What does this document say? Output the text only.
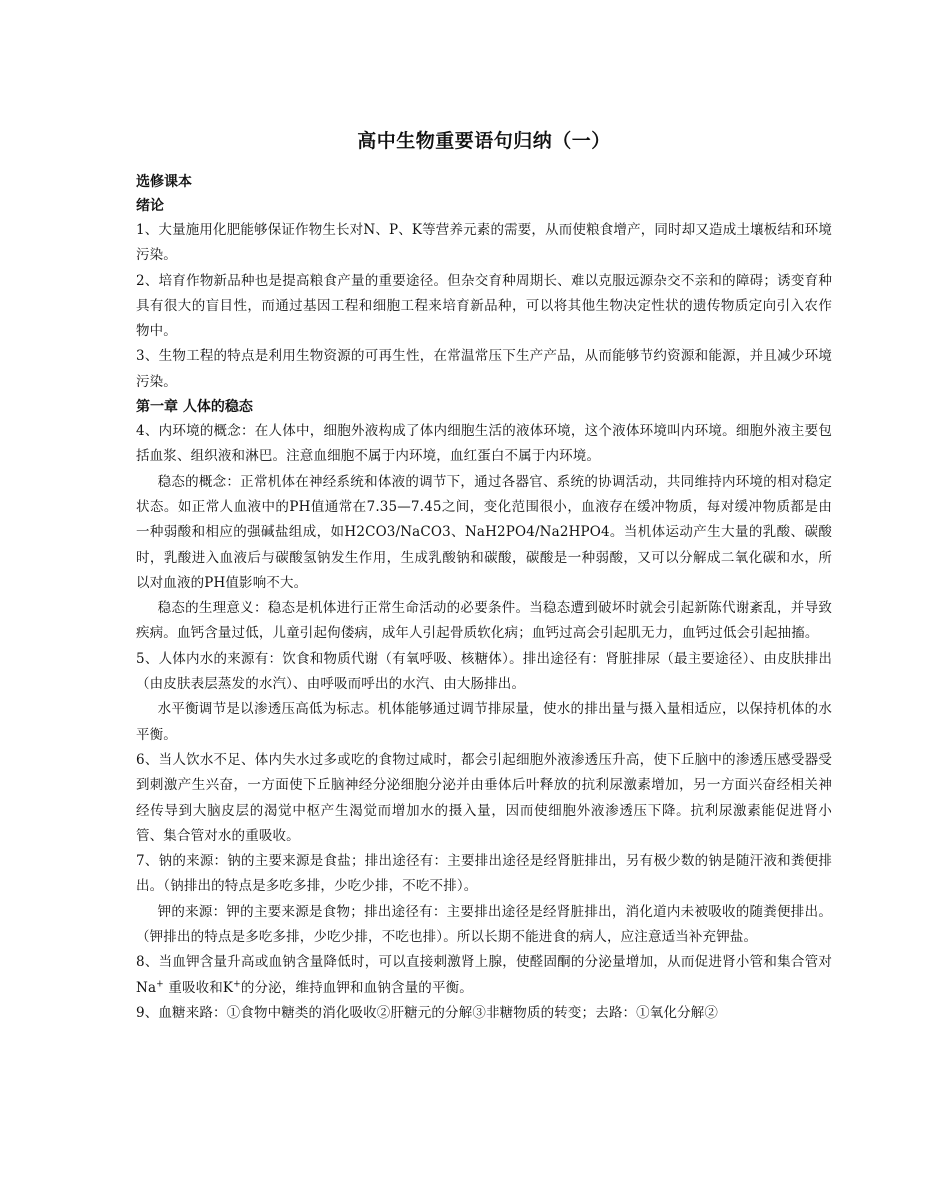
高中生物重要语句归纳（一）

选修课本

绪论

1、大量施用化肥能够保证作物生长对N、P、K等营养元素的需要，从而使粮食增产，同时却又造成土壤板结和环境污染。

2、培育作物新品种也是提高粮食产量的重要途径。但杂交育种周期长、难以克服远源杂交不亲和的障碍；诱变育种具有很大的盲目性，而通过基因工程和细胞工程来培育新品种，可以将其他生物决定性状的遗传物质定向引入农作物中。

3、生物工程的特点是利用生物资源的可再生性，在常温常压下生产产品，从而能够节约资源和能源，并且减少环境污染。

第一章 人体的稳态

4、内环境的概念：在人体中，细胞外液构成了体内细胞生活的液体环境，这个液体环境叫内环境。细胞外液主要包括血浆、组织液和淋巴。注意血细胞不属于内环境，血红蛋白不属于内环境。

稳态的概念：正常机体在神经系统和体液的调节下，通过各器官、系统的协调活动，共同维持内环境的相对稳定状态。如正常人血液中的PH值通常在7.35—7.45之间，变化范围很小，血液存在缓冲物质，每对缓冲物质都是由一种弱酸和相应的强碱盐组成，如H2CO3/NaCO3、NaH2PO4/Na2HPO4。当机体运动产生大量的乳酸、碳酸时，乳酸进入血液后与碳酸氢钠发生作用，生成乳酸钠和碳酸，碳酸是一种弱酸，又可以分解成二氧化碳和水，所以对血液的PH值影响不大。

稳态的生理意义：稳态是机体进行正常生命活动的必要条件。当稳态遭到破坏时就会引起新陈代谢紊乱，并导致疾病。血钙含量过低，儿童引起佝偻病，成年人引起骨质软化病；血钙过高会引起肌无力，血钙过低会引起抽搐。

5、人体内水的来源有：饮食和物质代谢（有氧呼吸、核糖体）。排出途径有：肾脏排尿（最主要途径）、由皮肤排出（由皮肤表层蒸发的水汽）、由呼吸而呼出的水汽、由大肠排出。

水平衡调节是以渗透压高低为标志。机体能够通过调节排尿量，使水的排出量与摄入量相适应，以保持机体的水平衡。

6、当人饮水不足、体内失水过多或吃的食物过咸时，都会引起细胞外液渗透压升高，使下丘脑中的渗透压感受器受到刺激产生兴奋，一方面使下丘脑神经分泌细胞分泌并由垂体后叶释放的抗利尿激素增加，另一方面兴奋经相关神经传导到大脑皮层的渴觉中枢产生渴觉而增加水的摄入量，因而使细胞外液渗透压下降。抗利尿激素能促进肾小管、集合管对水的重吸收。

7、钠的来源：钠的主要来源是食盐；排出途径有：主要排出途径是经肾脏排出，另有极少数的钠是随汗液和粪便排出。（钠排出的特点是多吃多排，少吃少排，不吃不排）。

钾的来源：钾的主要来源是食物；排出途径有：主要排出途径是经肾脏排出，消化道内未被吸收的随粪便排出。（钾排出的特点是多吃多排，少吃少排，不吃也排）。所以长期不能进食的病人，应注意适当补充钾盐。

8、当血钾含量升高或血钠含量降低时，可以直接刺激肾上腺，使醛固酮的分泌量增加，从而促进肾小管和集合管对Na+ 重吸收和K+的分泌，维持血钾和血钠含量的平衡。

9、血糖来路：①食物中糖类的消化吸收②肝糖元的分解③非糖物质的转变；去路：①氧化分解②
